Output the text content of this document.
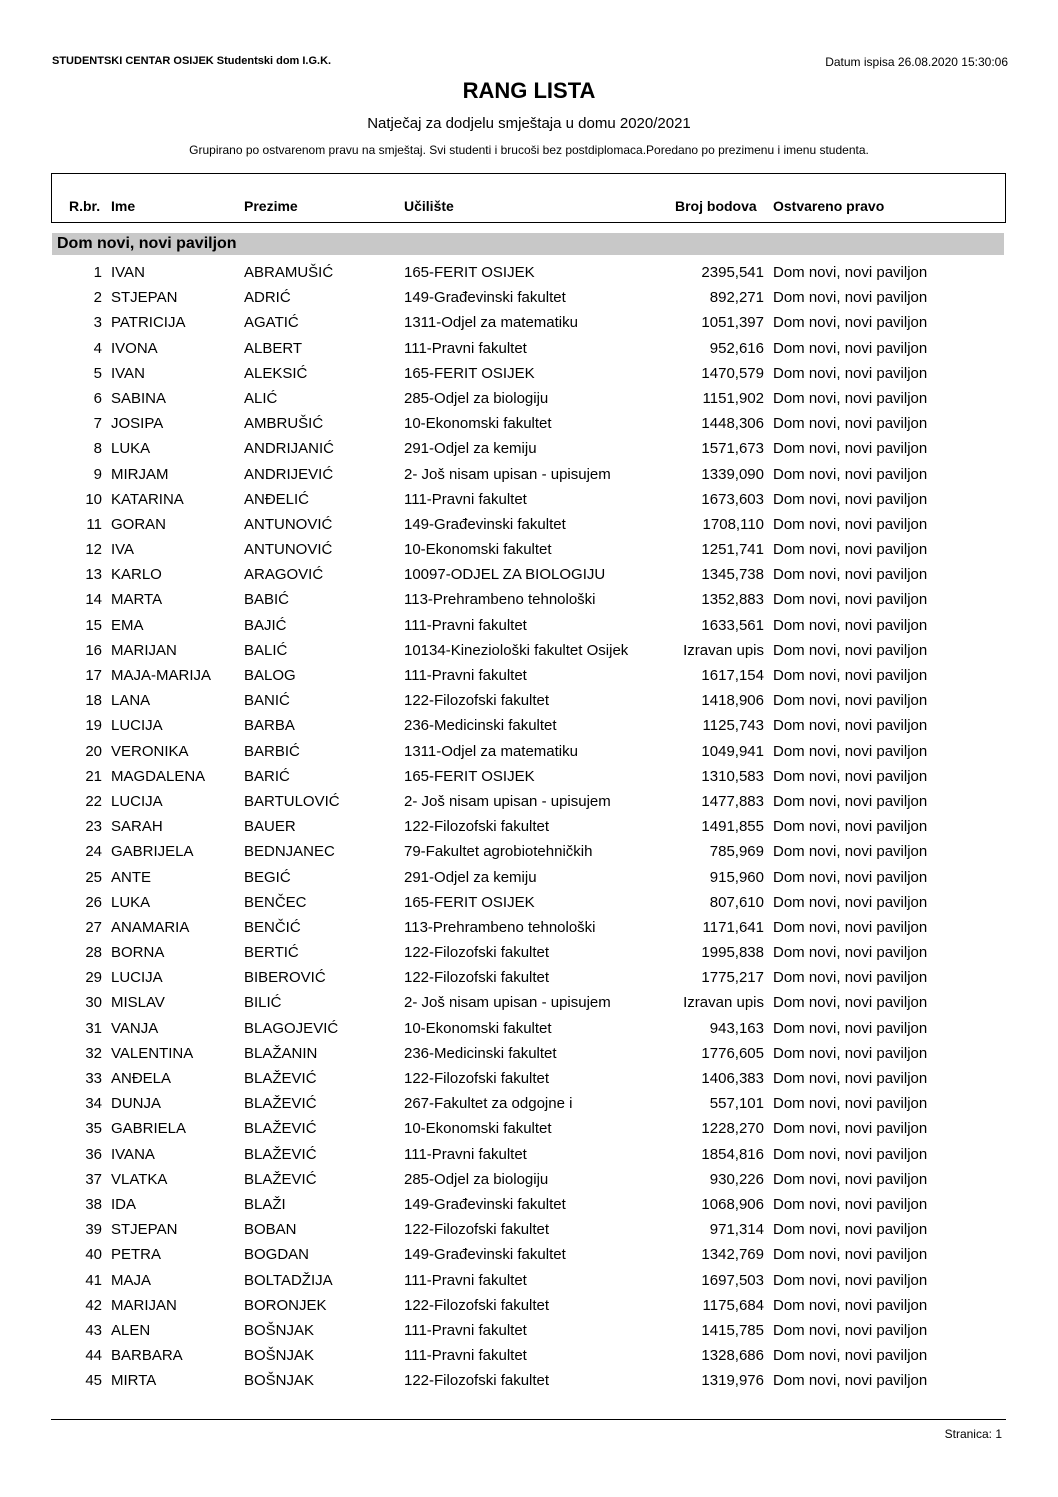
STUDENTSKI CENTAR OSIJEK Studentski dom I.G.K.	Datum ispisa 26.08.2020 15:30:06
RANG LISTA
Natječaj za dodjelu smještaja u domu 2020/2021
Grupirano po ostvarenom pravu na smještaj. Svi studenti i brucoši bez postdiplomaca.Poredano po prezimenu i imenu studenta.
R.br. Ime	Prezime	Učilište	Broj bodova Ostvareno pravo
Dom novi, novi paviljon
1 IVAN	ABRAMUŠIĆ	165-FERIT OSIJEK	2395,541 Dom novi, novi paviljon
2 STJEPAN	ADRIĆ	149-Građevinski fakultet	892,271 Dom novi, novi paviljon
3 PATRICIJA	AGATIĆ	1311-Odjel za matematiku	1051,397 Dom novi, novi paviljon
4 IVONA	ALBERT	111-Pravni fakultet	952,616 Dom novi, novi paviljon
5 IVAN	ALEKSIĆ	165-FERIT OSIJEK	1470,579 Dom novi, novi paviljon
6 SABINA	ALIĆ	285-Odjel za biologiju	1151,902 Dom novi, novi paviljon
7 JOSIPA	AMBRUŠIĆ	10-Ekonomski fakultet	1448,306 Dom novi, novi paviljon
8 LUKA	ANDRIJANIĆ	291-Odjel za kemiju	1571,673 Dom novi, novi paviljon
9 MIRJAM	ANDRIJEVIĆ	2- Još nisam upisan - upisujem	1339,090 Dom novi, novi paviljon
10 KATARINA	ANĐELIĆ	111-Pravni fakultet	1673,603 Dom novi, novi paviljon
11 GORAN	ANTUNOVIĆ	149-Građevinski fakultet	1708,110 Dom novi, novi paviljon
12 IVA	ANTUNOVIĆ	10-Ekonomski fakultet	1251,741 Dom novi, novi paviljon
13 KARLO	ARAGOVIĆ	10097-ODJEL ZA BIOLOGIJU	1345,738 Dom novi, novi paviljon
14 MARTA	BABIĆ	113-Prehrambeno tehnološki	1352,883 Dom novi, novi paviljon
15 EMA	BAJIĆ	111-Pravni fakultet	1633,561 Dom novi, novi paviljon
16 MARIJAN	BALIĆ	10134-Kineziološki fakultet Osijek	Izravan upis Dom novi, novi paviljon
17 MAJA-MARIJA BALOG	111-Pravni fakultet	1617,154 Dom novi, novi paviljon
18 LANA	BANIĆ	122-Filozofski fakultet	1418,906 Dom novi, novi paviljon
19 LUCIJA	BARBA	236-Medicinski fakultet	1125,743 Dom novi, novi paviljon
20 VERONIKA	BARBIĆ	1311-Odjel za matematiku	1049,941 Dom novi, novi paviljon
21 MAGDALENA	BARIĆ	165-FERIT OSIJEK	1310,583 Dom novi, novi paviljon
22 LUCIJA	BARTULOVIĆ	2- Još nisam upisan - upisujem	1477,883 Dom novi, novi paviljon
23 SARAH	BAUER	122-Filozofski fakultet	1491,855 Dom novi, novi paviljon
24 GABRIJELA	BEDNJANEC	79-Fakultet agrobiotehničkih	785,969 Dom novi, novi paviljon
25 ANTE	BEGIĆ	291-Odjel za kemiju	915,960 Dom novi, novi paviljon
26 LUKA	BENČEC	165-FERIT OSIJEK	807,610 Dom novi, novi paviljon
27 ANAMARIA	BENČIĆ	113-Prehrambeno tehnološki	1171,641 Dom novi, novi paviljon
28 BORNA	BERTIĆ	122-Filozofski fakultet	1995,838 Dom novi, novi paviljon
29 LUCIJA	BIBEROVIĆ	122-Filozofski fakultet	1775,217 Dom novi, novi paviljon
30 MISLAV	BILIĆ	2- Još nisam upisan - upisujem	Izravan upis Dom novi, novi paviljon
31 VANJA	BLAGOJEVIĆ	10-Ekonomski fakultet	943,163 Dom novi, novi paviljon
32 VALENTINA	BLAŽANIN	236-Medicinski fakultet	1776,605 Dom novi, novi paviljon
33 ANĐELA	BLAŽEVIĆ	122-Filozofski fakultet	1406,383 Dom novi, novi paviljon
34 DUNJA	BLAŽEVIĆ	267-Fakultet za odgojne i	557,101 Dom novi, novi paviljon
35 GABRIELA	BLAŽEVIĆ	10-Ekonomski fakultet	1228,270 Dom novi, novi paviljon
36 IVANA	BLAŽEVIĆ	111-Pravni fakultet	1854,816 Dom novi, novi paviljon
37 VLATKA	BLAŽEVIĆ	285-Odjel za biologiju	930,226 Dom novi, novi paviljon
38 IDA	BLAŽI	149-Građevinski fakultet	1068,906 Dom novi, novi paviljon
39 STJEPAN	BOBAN	122-Filozofski fakultet	971,314 Dom novi, novi paviljon
40 PETRA	BOGDAN	149-Građevinski fakultet	1342,769 Dom novi, novi paviljon
41 MAJA	BOLTADŽIJA	111-Pravni fakultet	1697,503 Dom novi, novi paviljon
42 MARIJAN	BORONJEK	122-Filozofski fakultet	1175,684 Dom novi, novi paviljon
43 ALEN	BOŠNJAK	111-Pravni fakultet	1415,785 Dom novi, novi paviljon
44 BARBARA	BOŠNJAK	111-Pravni fakultet	1328,686 Dom novi, novi paviljon
45 MIRTA	BOŠNJAK	122-Filozofski fakultet	1319,976 Dom novi, novi paviljon
Stranica: 1
